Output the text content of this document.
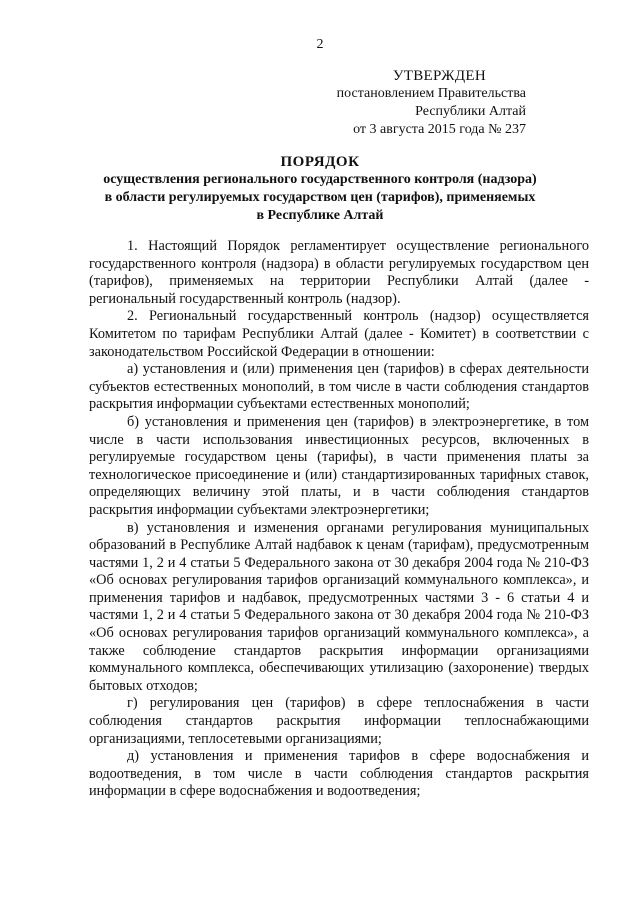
2
УТВЕРЖДЕН
постановлением Правительства
Республики Алтай
от 3 августа 2015 года № 237
ПОРЯДОК
осуществления регионального государственного контроля (надзора)
в области регулируемых государством цен (тарифов), применяемых
в Республике Алтай

1. Настоящий Порядок регламентирует осуществление регионального государственного контроля (надзора) в области регулируемых государством цен (тарифов), применяемых на территории Республики Алтай (далее - региональный государственный контроль (надзор).

2. Региональный государственный контроль (надзор) осуществляется Комитетом по тарифам Республики Алтай (далее - Комитет) в соответствии с законодательством Российской Федерации в отношении:

а) установления и (или) применения цен (тарифов) в сферах деятельности субъектов естественных монополий, в том числе в части соблюдения стандартов раскрытия информации субъектами естественных монополий;

б) установления и применения цен (тарифов) в электроэнергетике, в том числе в части использования инвестиционных ресурсов, включенных в регулируемые государством цены (тарифы), в части применения платы за технологическое присоединение и (или) стандартизированных тарифных ставок, определяющих величину этой платы, и в части соблюдения стандартов раскрытия информации субъектами электроэнергетики;

в) установления и изменения органами регулирования муниципальных образований в Республике Алтай надбавок к ценам (тарифам), предусмотренным частями 1, 2 и 4 статьи 5 Федерального закона от 30 декабря 2004 года № 210-ФЗ «Об основах регулирования тарифов организаций коммунального комплекса», и применения тарифов и надбавок, предусмотренных частями 3 - 6 статьи 4 и частями 1, 2 и 4 статьи 5 Федерального закона от 30 декабря 2004 года № 210-ФЗ «Об основах регулирования тарифов организаций коммунального комплекса», а также соблюдение стандартов раскрытия информации организациями коммунального комплекса, обеспечивающих утилизацию (захоронение) твердых бытовых отходов;

г) регулирования цен (тарифов) в сфере теплоснабжения в части соблюдения стандартов раскрытия информации теплоснабжающими организациями, теплосетевыми организациями;

д) установления и применения тарифов в сфере водоснабжения и водоотведения, в том числе в части соблюдения стандартов раскрытия информации в сфере водоснабжения и водоотведения;
